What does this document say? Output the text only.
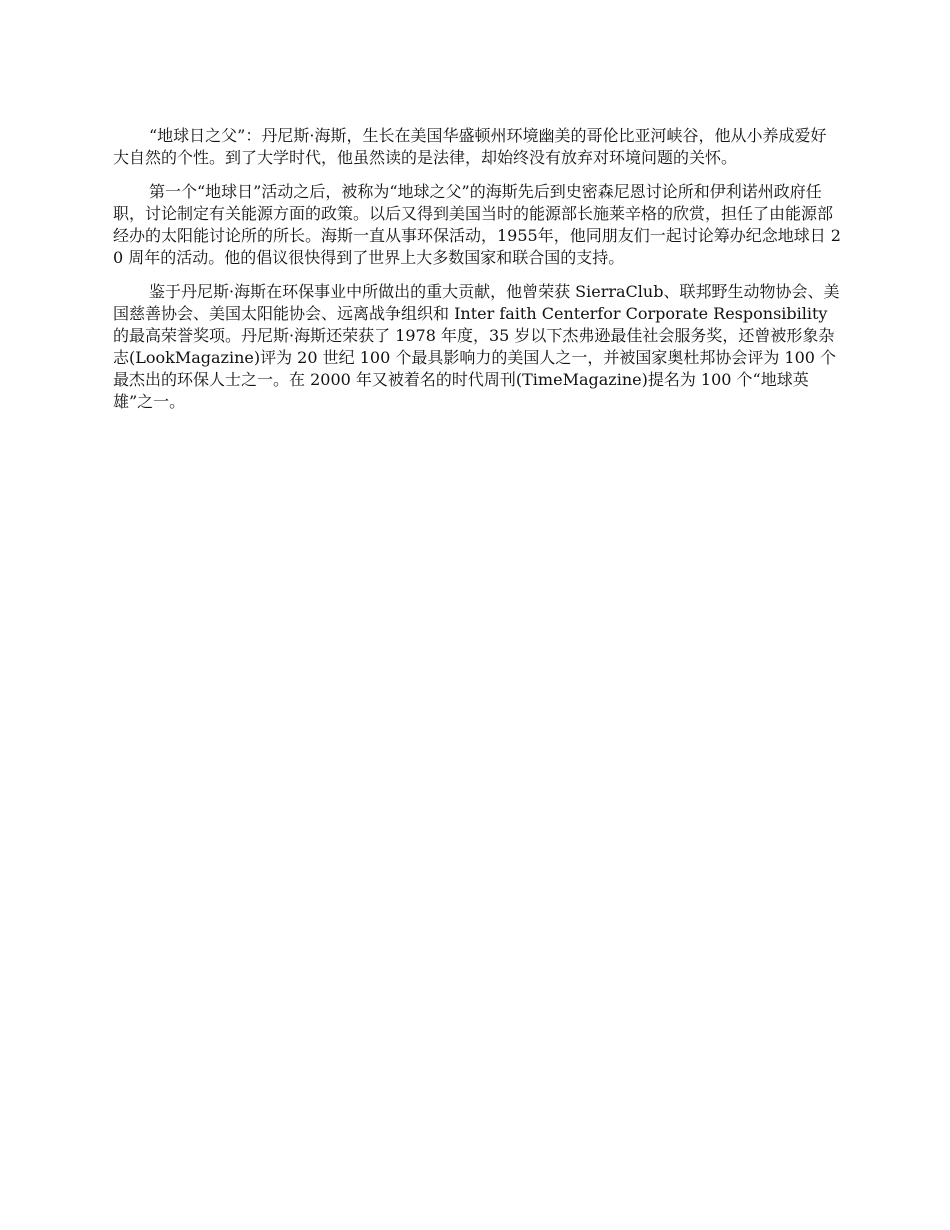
“地球日之父”：丹尼斯·海斯，生长在美国华盛顿州环境幽美的哥伦比亚河峡谷，他从小养成爱好大自然的个性。到了大学时代，他虽然读的是法律，却始终没有放弃对环境问题的关怀。

第一个“地球日”活动之后，被称为“地球之父”的海斯先后到史密森尼恩讨论所和伊利诺州政府任职，讨论制定有关能源方面的政策。以后又得到美国当时的能源部长施莱辛格的欣赏，担任了由能源部经办的太阳能讨论所的所长。海斯一直从事环保活动，1955年，他同朋友们一起讨论筹办纪念地球日 20 周年的活动。他的倡议很快得到了世界上大多数国家和联合国的支持。

鉴于丹尼斯·海斯在环保事业中所做出的重大贡献，他曾荣获 SierraClub、联邦野生动物协会、美国慈善协会、美国太阳能协会、远离战争组织和 Inter faith Centerfor Corporate Responsibility 的最高荣誉奖项。丹尼斯·海斯还荣获了 1978 年度，35 岁以下杰弗逊最佳社会服务奖，还曾被形象杂志(LookMagazine)评为 20 世纪 100 个最具影响力的美国人之一，并被国家奥杜邦协会评为 100 个最杰出的环保人士之一。在 2000 年又被着名的时代周刊(TimeMagazine)提名为 100 个“地球英雄”之一。
